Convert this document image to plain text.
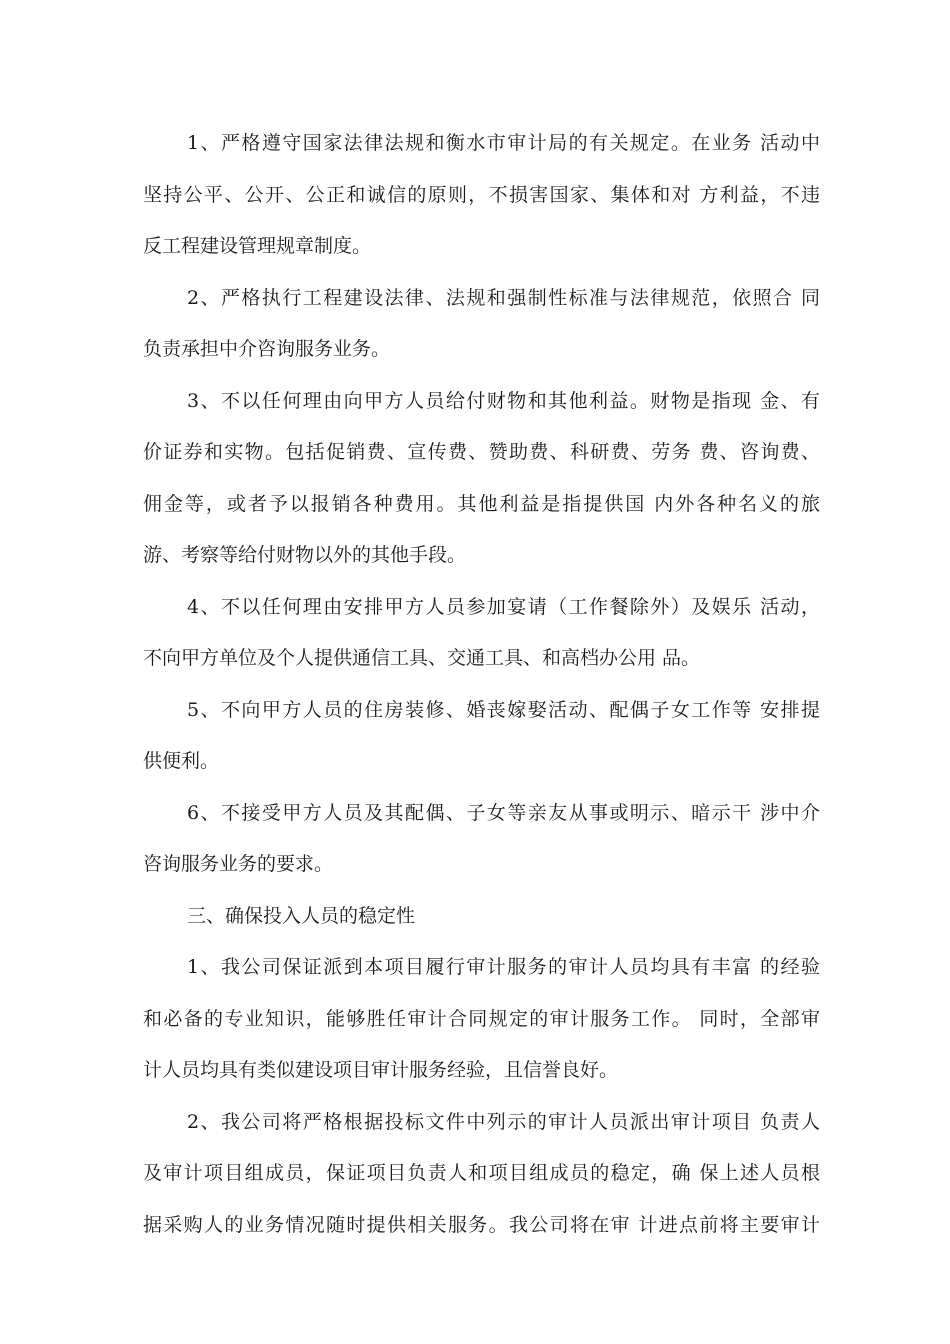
1、严格遵守国家法律法规和衡水市审计局的有关规定。在业务 活动中
坚持公平、公开、公正和诚信的原则，不损害国家、集体和对 方利益，不违
反工程建设管理规章制度。
2、严格执行工程建设法律、法规和强制性标准与法律规范，依照合 同
负责承担中介咨询服务业务。
3、不以任何理由向甲方人员给付财物和其他利益。财物是指现 金、有
价证券和实物。包括促销费、宣传费、赞助费、科研费、劳务 费、咨询费、
佣金等，或者予以报销各种费用。其他利益是指提供国 内外各种名义的旅
游、考察等给付财物以外的其他手段。
4、不以任何理由安排甲方人员参加宴请（工作餐除外）及娱乐 活动，
不向甲方单位及个人提供通信工具、交通工具、和高档办公用 品。
5、不向甲方人员的住房装修、婚丧嫁娶活动、配偶子女工作等 安排提
供便利。
6、不接受甲方人员及其配偶、子女等亲友从事或明示、暗示干 涉中介
咨询服务业务的要求。
三、确保投入人员的稳定性
1、我公司保证派到本项目履行审计服务的审计人员均具有丰富 的经验
和必备的专业知识，能够胜任审计合同规定的审计服务工作。 同时，全部审
计人员均具有类似建设项目审计服务经验，且信誉良好。
2、我公司将严格根据投标文件中列示的审计人员派出审计项目 负责人
及审计项目组成员，保证项目负责人和项目组成员的稳定，确 保上述人员根
据采购人的业务情况随时提供相关服务。我公司将在审 计进点前将主要审计
